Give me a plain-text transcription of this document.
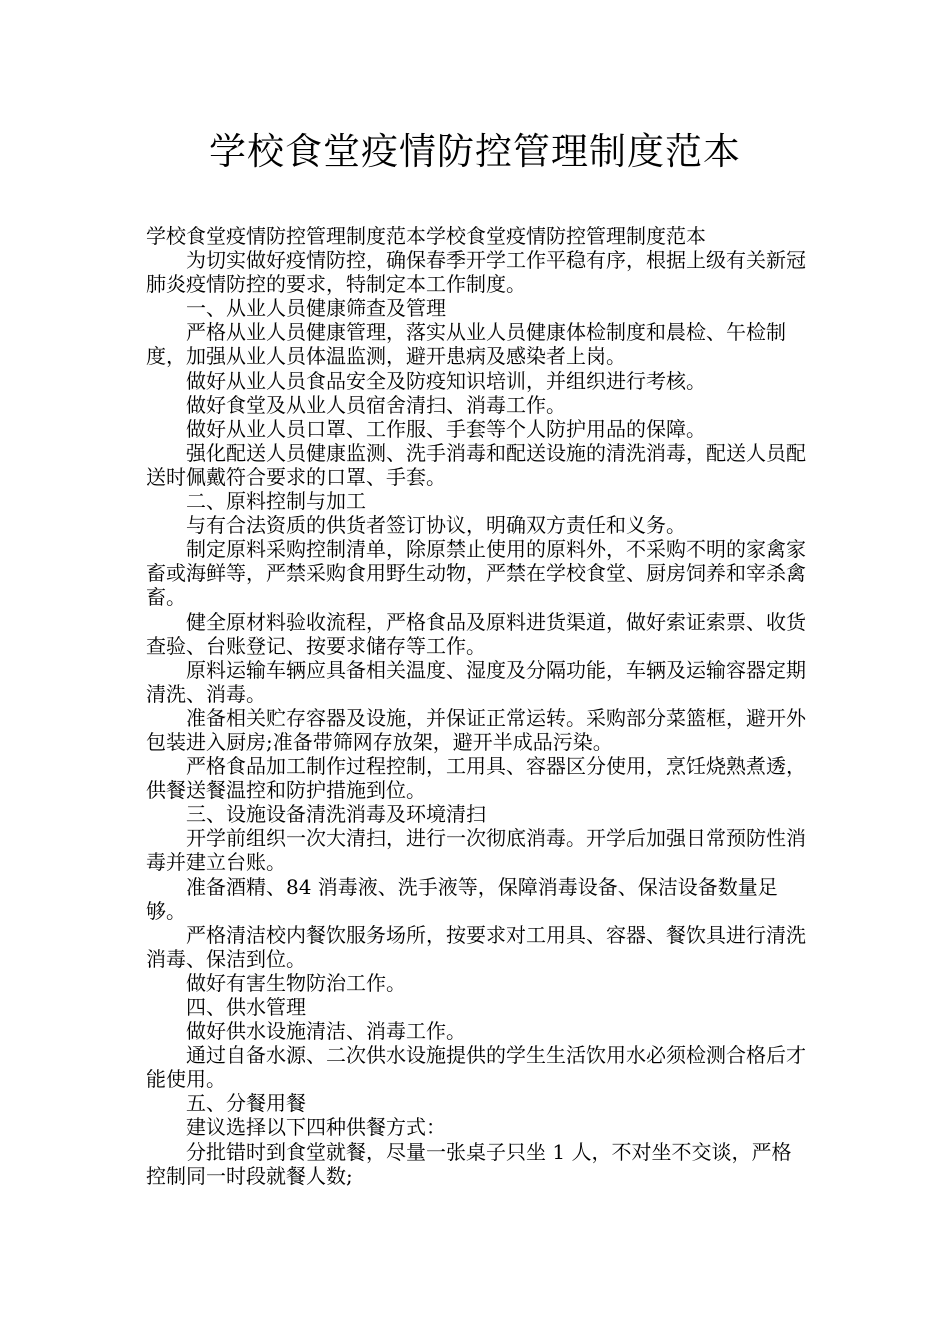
学校食堂疫情防控管理制度范本

学校食堂疫情防控管理制度范本学校食堂疫情防控管理制度范本

为切实做好疫情防控，确保春季开学工作平稳有序，根据上级有关新冠肺炎疫情防控的要求，特制定本工作制度。

一、从业人员健康筛查及管理

严格从业人员健康管理，落实从业人员健康体检制度和晨检、午检制度，加强从业人员体温监测，避开患病及感染者上岗。

做好从业人员食品安全及防疫知识培训，并组织进行考核。

做好食堂及从业人员宿舍清扫、消毒工作。

做好从业人员口罩、工作服、手套等个人防护用品的保障。

强化配送人员健康监测、洗手消毒和配送设施的清洗消毒，配送人员配送时佩戴符合要求的口罩、手套。

二、原料控制与加工

与有合法资质的供货者签订协议，明确双方责任和义务。

制定原料采购控制清单，除原禁止使用的原料外，不采购不明的家禽家畜或海鲜等，严禁采购食用野生动物，严禁在学校食堂、厨房饲养和宰杀禽畜。

健全原材料验收流程，严格食品及原料进货渠道，做好索证索票、收货查验、台账登记、按要求储存等工作。

原料运输车辆应具备相关温度、湿度及分隔功能，车辆及运输容器定期清洗、消毒。

准备相关贮存容器及设施，并保证正常运转。采购部分菜篮框，避开外包装进入厨房;准备带筛网存放架，避开半成品污染。

严格食品加工制作过程控制，工用具、容器区分使用，烹饪烧熟煮透，供餐送餐温控和防护措施到位。

三、设施设备清洗消毒及环境清扫

开学前组织一次大清扫，进行一次彻底消毒。开学后加强日常预防性消毒并建立台账。

准备酒精、84 消毒液、洗手液等，保障消毒设备、保洁设备数量足够。

严格清洁校内餐饮服务场所，按要求对工用具、容器、餐饮具进行清洗消毒、保洁到位。

做好有害生物防治工作。

四、供水管理

做好供水设施清洁、消毒工作。

通过自备水源、二次供水设施提供的学生生活饮用水必须检测合格后才能使用。

五、分餐用餐

建议选择以下四种供餐方式：

分批错时到食堂就餐，尽量一张桌子只坐 1 人，不对坐不交谈，严格控制同一时段就餐人数;
